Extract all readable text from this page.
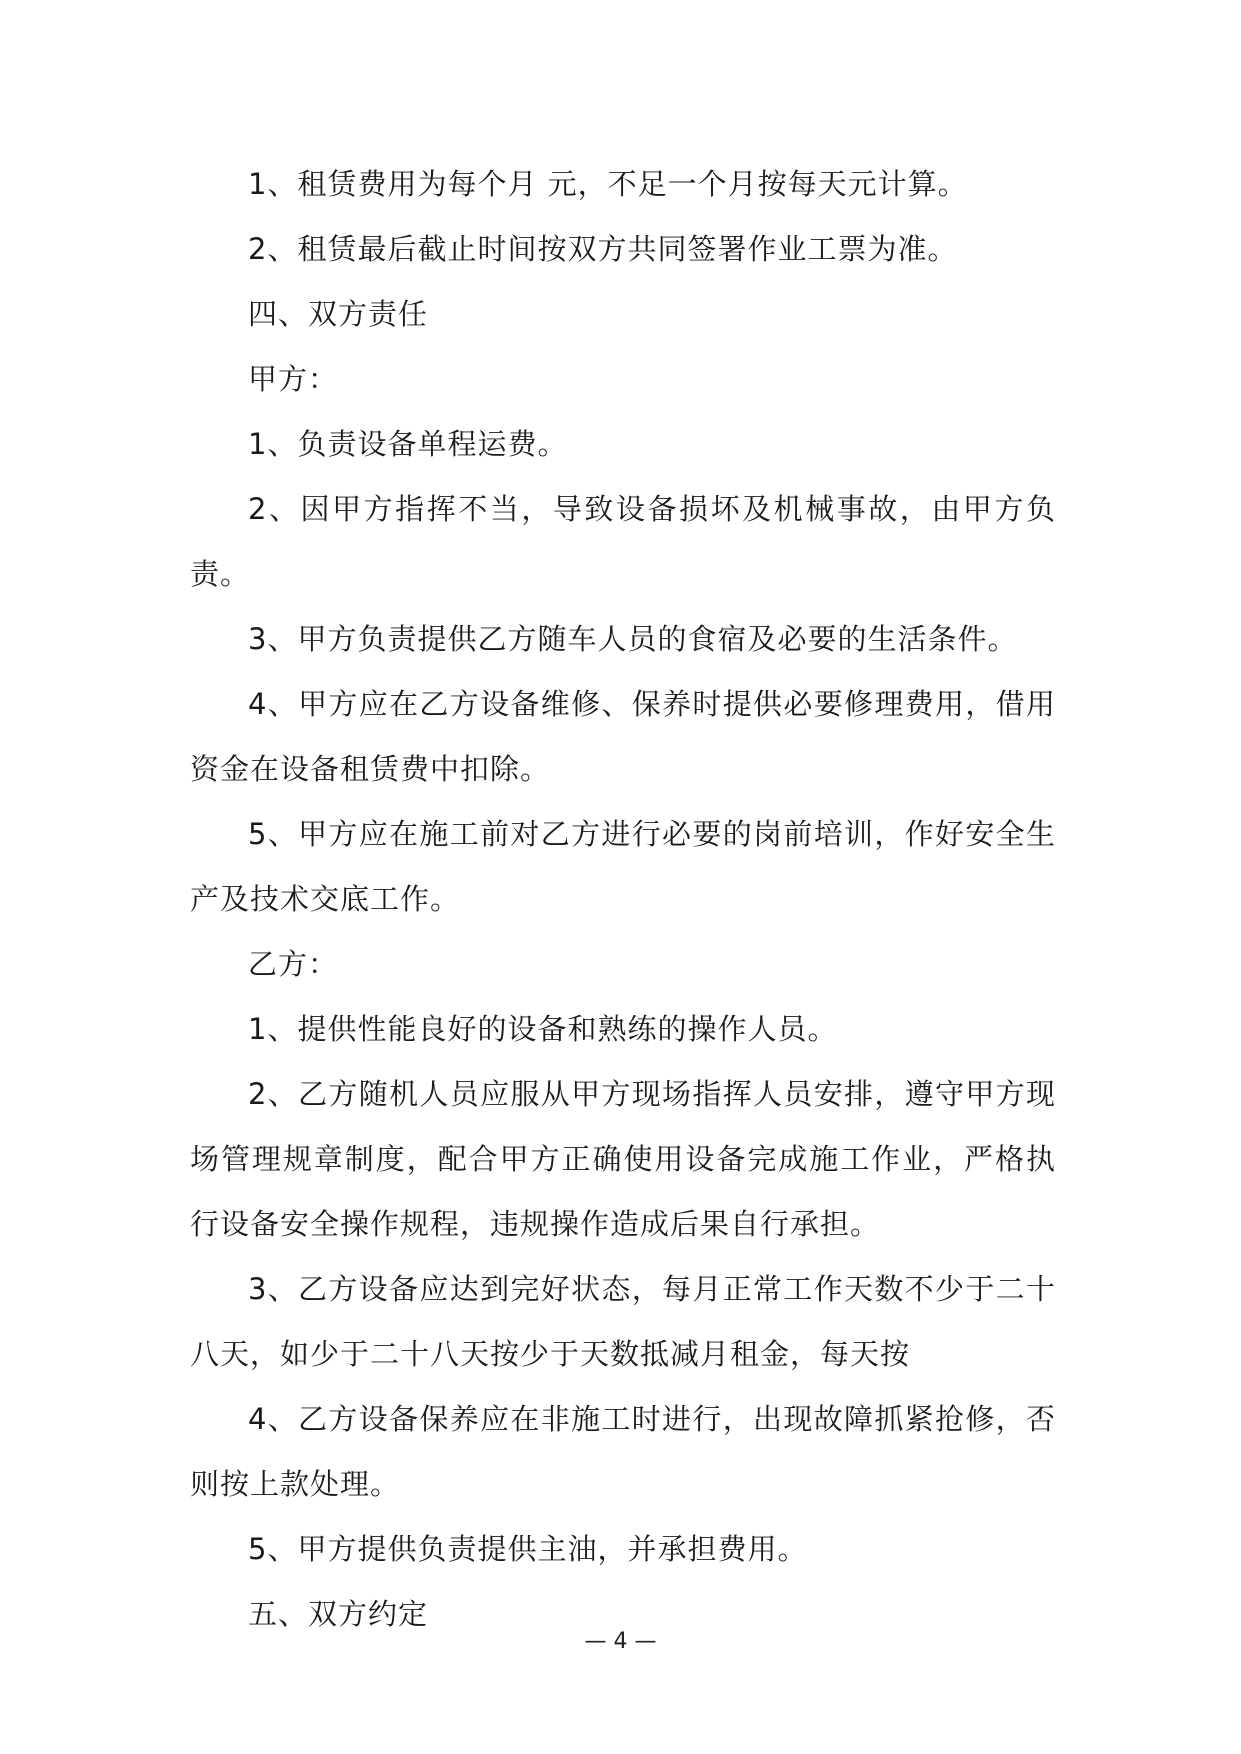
1、租赁费用为每个月 元，不足一个月按每天元计算。

2、租赁最后截止时间按双方共同签署作业工票为准。

四、双方责任

甲方：

1、负责设备单程运费。

2、因甲方指挥不当，导致设备损坏及机械事故，由甲方负责。

3、甲方负责提供乙方随车人员的食宿及必要的生活条件。

4、甲方应在乙方设备维修、保养时提供必要修理费用，借用资金在设备租赁费中扣除。

5、甲方应在施工前对乙方进行必要的岗前培训，作好安全生产及技术交底工作。

乙方：

1、提供性能良好的设备和熟练的操作人员。

2、乙方随机人员应服从甲方现场指挥人员安排，遵守甲方现场管理规章制度，配合甲方正确使用设备完成施工作业，严格执行设备安全操作规程，违规操作造成后果自行承担。

3、乙方设备应达到完好状态，每月正常工作天数不少于二十八天，如少于二十八天按少于天数抵减月租金，每天按

4、乙方设备保养应在非施工时进行，出现故障抓紧抢修，否则按上款处理。

5、甲方提供负责提供主油，并承担费用。

五、双方约定

— 4 —
